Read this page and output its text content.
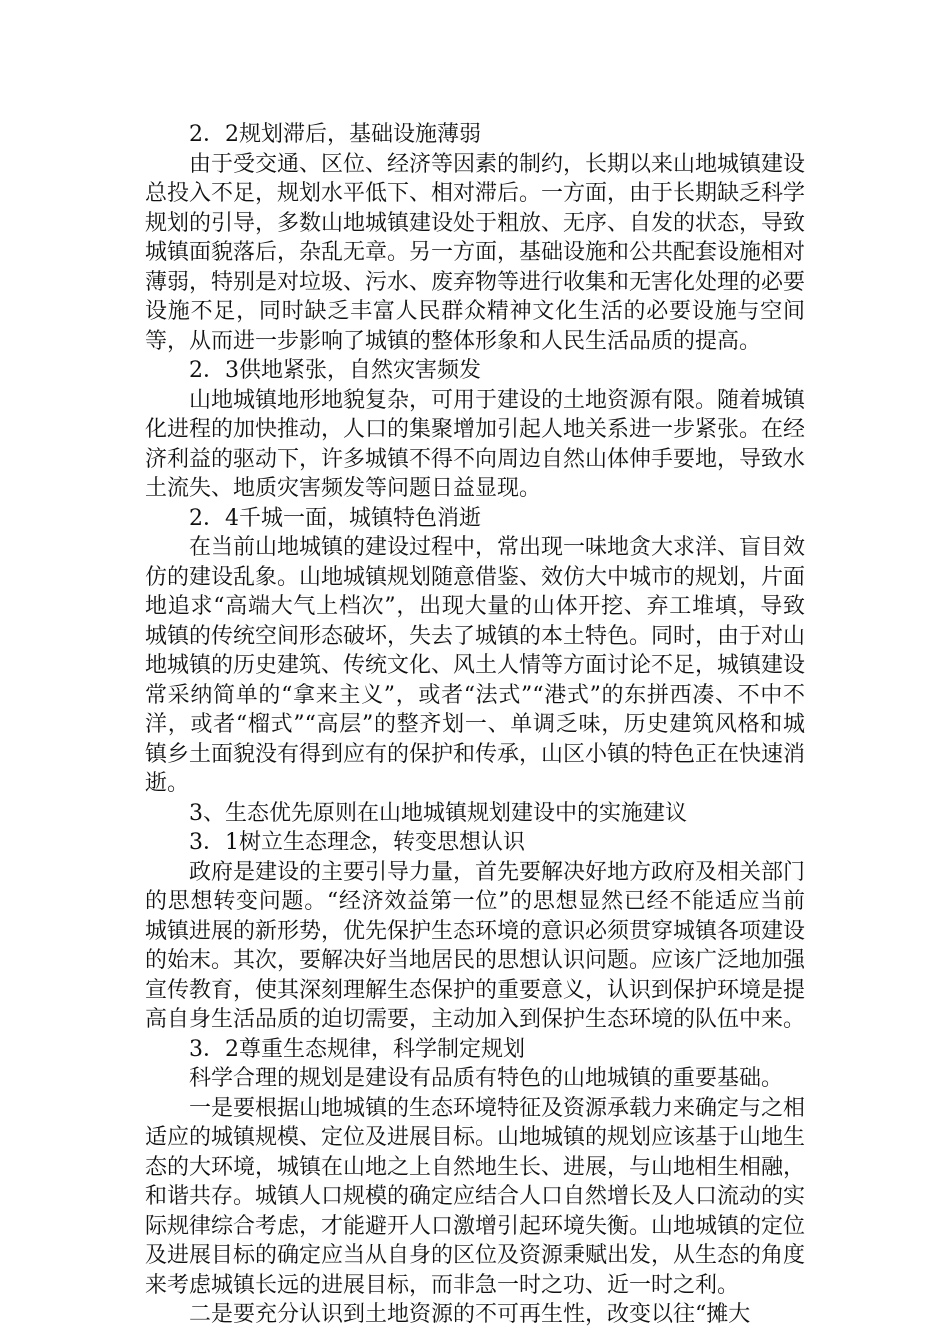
2．2规划滞后，基础设施薄弱

由于受交通、区位、经济等因素的制约，长期以来山地城镇建设总投入不足，规划水平低下、相对滞后。一方面，由于长期缺乏科学规划的引导，多数山地城镇建设处于粗放、无序、自发的状态，导致城镇面貌落后，杂乱无章。另一方面，基础设施和公共配套设施相对薄弱，特别是对垃圾、污水、废弃物等进行收集和无害化处理的必要设施不足，同时缺乏丰富人民群众精神文化生活的必要设施与空间等，从而进一步影响了城镇的整体形象和人民生活品质的提高。

2．3供地紧张，自然灾害频发

山地城镇地形地貌复杂，可用于建设的土地资源有限。随着城镇化进程的加快推动，人口的集聚增加引起人地关系进一步紧张。在经济利益的驱动下，许多城镇不得不向周边自然山体伸手要地，导致水土流失、地质灾害频发等问题日益显现。

2．4千城一面，城镇特色消逝

在当前山地城镇的建设过程中，常出现一味地贪大求洋、盲目效仿的建设乱象。山地城镇规划随意借鉴、效仿大中城市的规划，片面地追求“高端大气上档次”，出现大量的山体开挖、弃工堆填，导致城镇的传统空间形态破坏，失去了城镇的本土特色。同时，由于对山地城镇的历史建筑、传统文化、风土人情等方面讨论不足，城镇建设常采纳简单的“拿来主义”，或者“法式”“港式”的东拼西凑、不中不洋，或者“榴式”“高层”的整齐划一、单调乏味，历史建筑风格和城镇乡土面貌没有得到应有的保护和传承，山区小镇的特色正在快速消逝。

3、生态优先原则在山地城镇规划建设中的实施建议

3．1树立生态理念，转变思想认识

政府是建设的主要引导力量，首先要解决好地方政府及相关部门的思想转变问题。“经济效益第一位”的思想显然已经不能适应当前城镇进展的新形势，优先保护生态环境的意识必须贯穿城镇各项建设的始末。其次，要解决好当地居民的思想认识问题。应该广泛地加强宣传教育，使其深刻理解生态保护的重要意义，认识到保护环境是提高自身生活品质的迫切需要，主动加入到保护生态环境的队伍中来。

3．2尊重生态规律，科学制定规划

科学合理的规划是建设有品质有特色的山地城镇的重要基础。

一是要根据山地城镇的生态环境特征及资源承载力来确定与之相适应的城镇规模、定位及进展目标。山地城镇的规划应该基于山地生态的大环境，城镇在山地之上自然地生长、进展，与山地相生相融，和谐共存。城镇人口规模的确定应结合人口自然增长及人口流动的实际规律综合考虑，才能避开人口激增引起环境失衡。山地城镇的定位及进展目标的确定应当从自身的区位及资源秉赋出发，从生态的角度来考虑城镇长远的进展目标，而非急一时之功、近一时之利。

二是要充分认识到土地资源的不可再生性，改变以往“摊大
